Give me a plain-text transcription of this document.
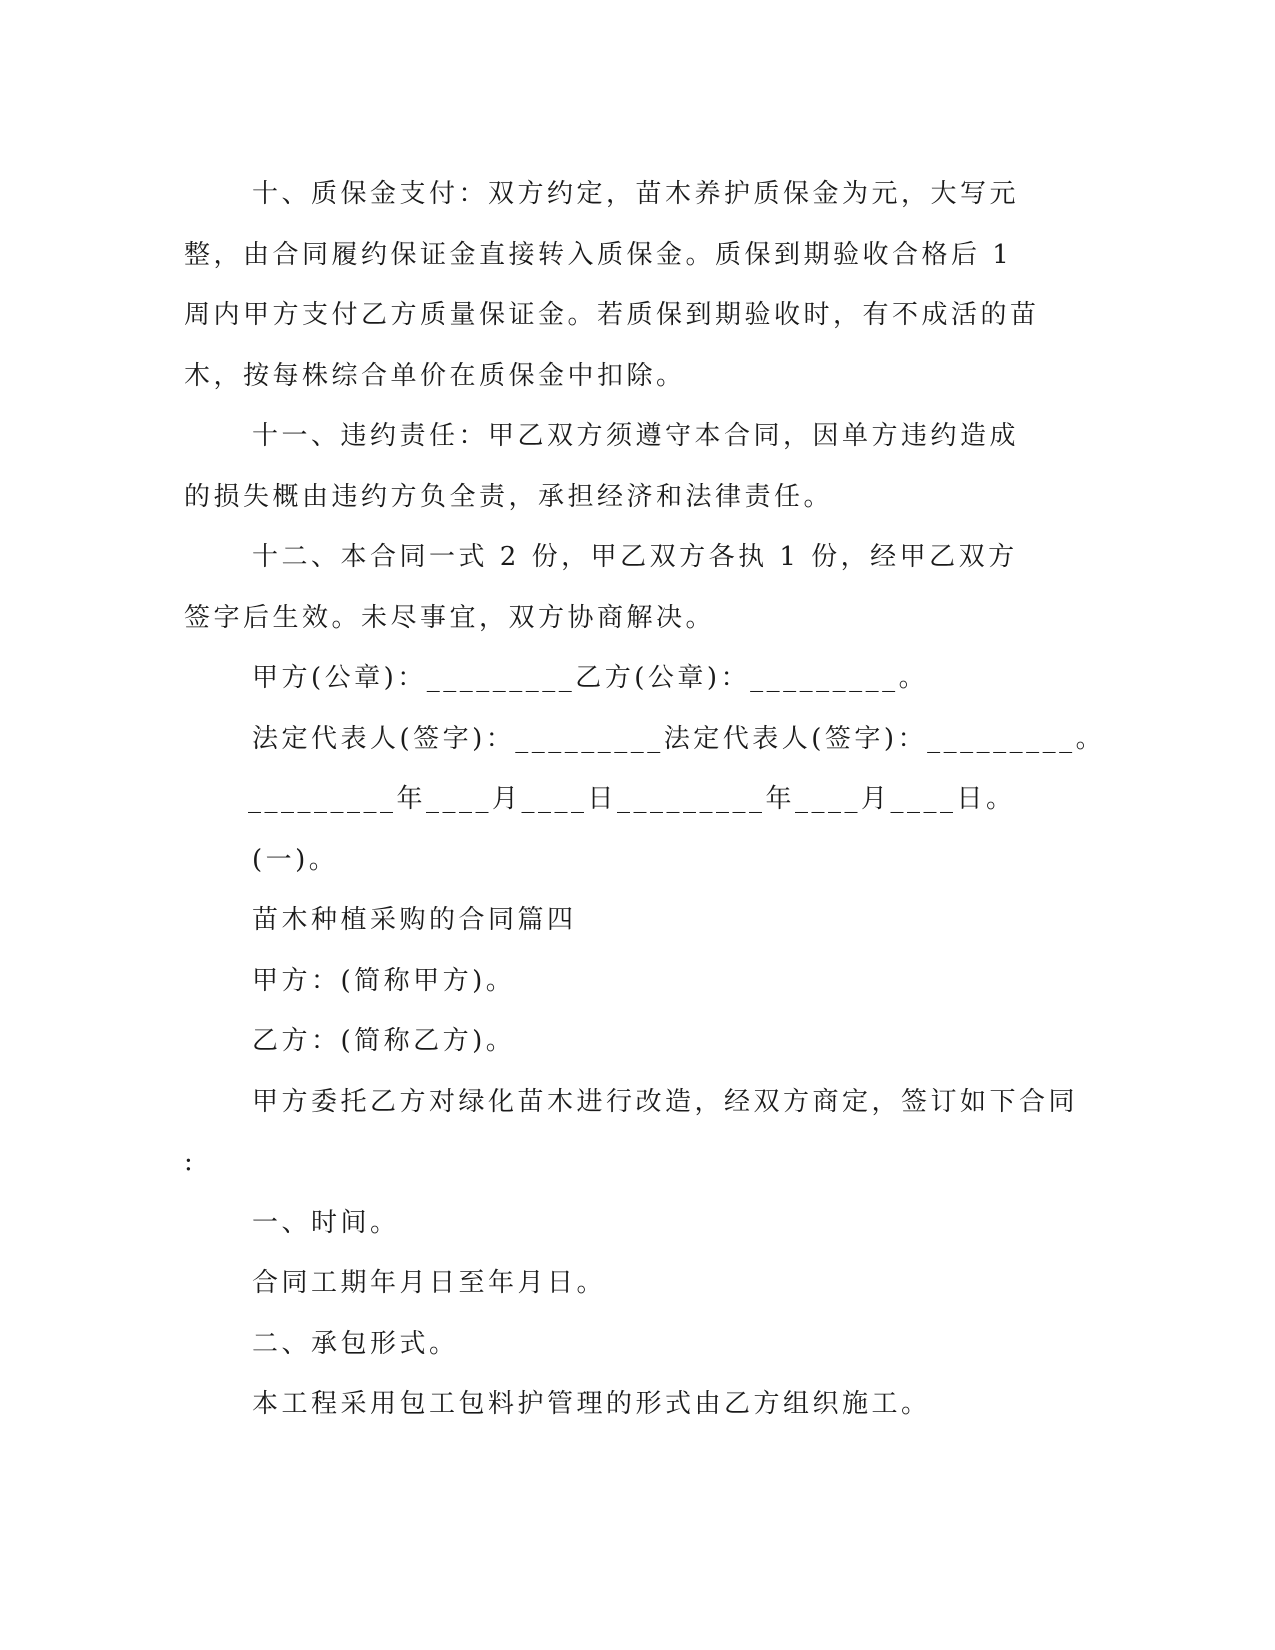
十、质保金支付：双方约定，苗木养护质保金为元，大写元整，由合同履约保证金直接转入质保金。质保到期验收合格后 1 周内甲方支付乙方质量保证金。若质保到期验收时，有不成活的苗木，按每株综合单价在质保金中扣除。

十一、违约责任：甲乙双方须遵守本合同，因单方违约造成的损失概由违约方负全责，承担经济和法律责任。

十二、本合同一式 2 份，甲乙双方各执 1 份，经甲乙双方签字后生效。未尽事宜，双方协商解决。

甲方(公章)：_________乙方(公章)：_________。

法定代表人(签字)：_________法定代表人(签字)：_________。

_________年____月____日_________年____月____日。

(一)。

苗木种植采购的合同篇四

甲方：(简称甲方)。

乙方：(简称乙方)。

甲方委托乙方对绿化苗木进行改造，经双方商定，签订如下合同

:

一、时间。

合同工期年月日至年月日。

二、承包形式。

本工程采用包工包料护管理的形式由乙方组织施工。
